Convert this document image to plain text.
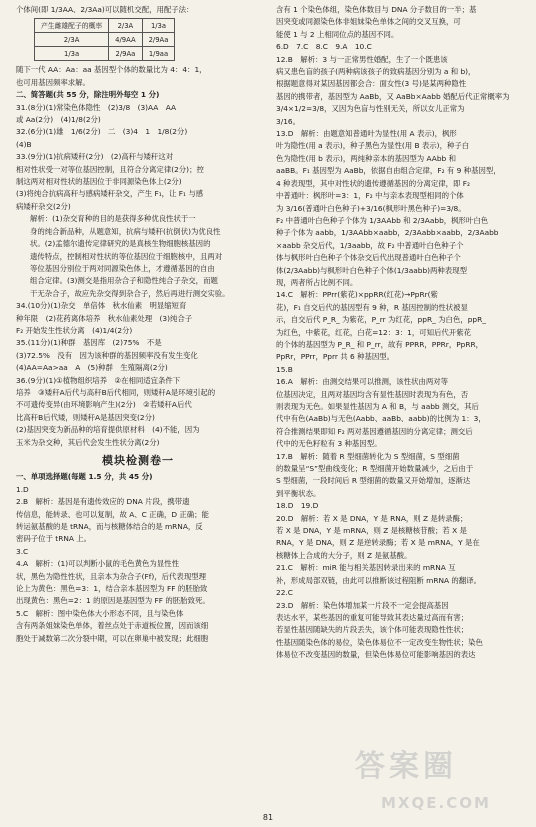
个体间(即 1/3AA、2/3Aa)可以随机交配，用配子法：
产生雌雄配子的概率	2/3A	1/3a
2/3A	4/9AA	2/9Aa
1/3a	2/9Aa	1/9aa
随下一代 AA：Aa：aa 基因型个体的数量比为 4：4：1，
也可用基因频率求解。
二、简答题(共 55 分，除注明外每空 1 分)
31.(8分)(1)常染色体隐性　(2)3/8　(3)AA　AA
或 Aa(2分)　(4)1/8(2分)
32.(6分)(1)雄　1/6(2分)　二　(3)4　1　1/8(2分)
(4)B
33.(9分)(1)抗病矮秆(2分)　(2)高秆与矮秆这对
相对性状受一对等位基因控制，且符合分离定律(2分)；控
制这两对相对性状的基因位于非同源染色体上(2分)
(3)将纯合抗病高秆与感病矮秆杂交，产生 F₁，让 F₁ 与感
病矮秆杂交(2分)
解析：(1)杂交育种的目的是获得多种优良性状于一
身的纯合新品种，从题意知，抗病与矮秆(抗倒伏)为优良性
状。(2)孟德尔遗传定律研究的是真核生物细胞核基因的
遗传特点，控制相对性状的等位基因位于细胞核中，且两对
等位基因分别位于两对同源染色体上，才遵循基因的自由
组合定律。(3)测交是指用杂合子和隐性纯合子杂交，而题
干无杂合子，故应先杂交得到杂合子，然后再进行测交实验。
34.(10分)(1)杂交　单倍体　秋水仙素　明显缩短育
种年限　(2)花药离体培养　秋水仙素处理　(3)纯合子
F₂ 开始发生性状分离　(4)1/4(2分)
35.(11分)(1)种群　基因库　(2)75%　不是
(3)72.5%　没有　因为该种群的基因频率没有发生变化
(4)AA=Aa>aa　A　(5)种群　生殖隔离(2分)
36.(9分)(1)①植物组织培养　②在相同适宜条件下
培养　③矮秆A后代与高秆B后代相同，则矮秆A是环境引起的
不可遗传变异(由环境影响产生)(2分)　②若矮秆A后代
比高秆B后代矮，则矮秆A是基因突变(2分)
(2)基因突变为新品种的培育提供原材料　(4)不能，因为
玉米为杂交种，其后代会发生性状分离(2分)
模块检测卷一
一、单项选择题(每题 1.5 分，共 45 分)
1.D
2.B　解析：基因是有遗传效应的 DNA 片段，携带遗
传信息，能转录、也可以复制，故 A、C 正确，D 正确；能
转运氨基酸的是 tRNA，而与核糖体结合的是 mRNA，反
密码子位于 tRNA 上。
3.C
4.A　解析：(1)可以判断小鼠的毛色黄色为显性性
状，黑色为隐性性状，且亲本为杂合子(Ff)，后代表现型理
论上为黄色：黑色=3：1，结合亲本基因型为 FF 的胚胎致
出现黄色：黑色=2：1 的原因是基因型为 FF 的胚胎致死。
5.C　解析：图中染色体大小形态不同，且与染色体
含有两条姐妹染色单体，着丝点处于赤道板位置，因而该细
胞处于减数第二次分裂中期，可以在卵巢中被发现；此细胞
含有 1 个染色体组，染色体数目与 DNA 分子数目的一半；基
因突变或同源染色体非姐妹染色单体之间的交叉互换，可
能使 1 与 2 上相同位点的基因不同。
6.D　7.C　8.C　9.A　10.C
12.B　解析：3 与一正常男性婚配，生了一个既患该
病又患色盲的孩子(两种病该孩子的致病基因分别为 a 和 b)，
根据题意得对某因基因都会合：面女性(3 号)是某两种隐性
基因的携带者，基因型为 AaBb，又 AaBb×Aabb 婚配后代正常概率为
3/4×1/2=3/8，又因为色盲与性别无关，所以女儿正常为
3/16。
13.D　解析：由题意知普通叶为显性(用 A 表示)，枫形
叶为隐性(用 a 表示)，种子黑色为显性(用 B 表示)，种子白
色为隐性(用 b 表示)，两纯种亲本的基因型为 AAbb 和
aaBB。F₁ 基因型为 AaBb，依据自由组合定律，F₂ 有 9 种基因型，
4 种表现型，其中对性状的遗传遵循基因的分离定律，即 F₂
中普通叶：枫形叶=3：1，F₂ 中与亲本表现型相同的个体
为 3/16(普通叶白色种子)+3/16(枫形叶黑色种子)=3/8。
F₂ 中普通叶白色种子个体为 1/3AAbb 和 2/3Aabb，枫形叶白色
种子个体为 aabb，1/3AAbb×aabb，2/3Aabb×aabb，2/3Aabb
×aabb 杂交后代，1/3aabb，故 F₂ 中普通叶白色种子个
体与枫形叶白色种子个体杂交后代出现普通叶白色种子个
体(2/3Aabb)与枫形叶白色种子个体(1/3aabb)两种表现型
现，两者所占比例不同。
14.C　解析：PPrr(紫花)×ppRR(红花)→PpRr(紫
花)，F₁ 自交后代的基因型有 9 种，R 基因控制的性状被显
示，自交后代 P_R_ 为紫花，P_rr 为红花，ppR_ 为白色，ppR_
为红色，中紫花，红花，白花=12：3：1，可知后代开紫花
的个体的基因型为 P_R_ 和 P_rr，故有 PPRR，PPRr，PpRR，
PpRr，PPrr，Pprr 共 6 种基因型。
15.B
16.A　解析：由测交结果可以推测，该性状由两对等
位基因决定，且两对基因均含有显性基因时表现为有色，否
则表现为无色。如果显性基因为 A 和 B，与 aabb 测交，其后
代中有色(AaBb)与无色(Aabb、aaBb、aabb)的比例为 1：3，
符合推测结果即知 F₂ 两对基因遵循基因的分离定律；测交后
代中的无色籽粒有 3 种基因型。
17.B　解析：随着 R 型细菌转化为 S 型细菌，S 型细菌
的数量呈“S”型曲线变化；R 型细菌开始数量减少，之后由于
S 型细菌，一段时间后 R 型细菌的数量又开始增加，逐渐达
到平衡状态。
18.D　19.D
20.D　解析：若 X 是 DNA，Y 是 RNA，则 Z 是转录酶；
若 X 是 DNA，Y 是 mRNA，则 Z 是核糖核苷酸；若 X 是
RNA，Y 是 DNA，则 Z 是逆转录酶；若 X 是 mRNA，Y 是在
核糖体上合成的大分子，则 Z 是氨基酸。
21.C　解析：miR 能与相关基因转录出来的 mRNA 互
补，形成局部双链，由此可以推断该过程阻断 mRNA 的翻译。
22.C
23.D　解析：染色体增加某一片段不一定会提高基因
表达水平，某些基因的重复可能导致其表达量过高而有害；
若显性基因随缺失的片段丢失，该个体可能表现隐性性状；
性基因随染色体的易位，染色体易位不一定改变生物性状；染色
体易位不改变基因的数量，但染色体易位可能影响基因的表达
81
答案圈
MXQE.COM
